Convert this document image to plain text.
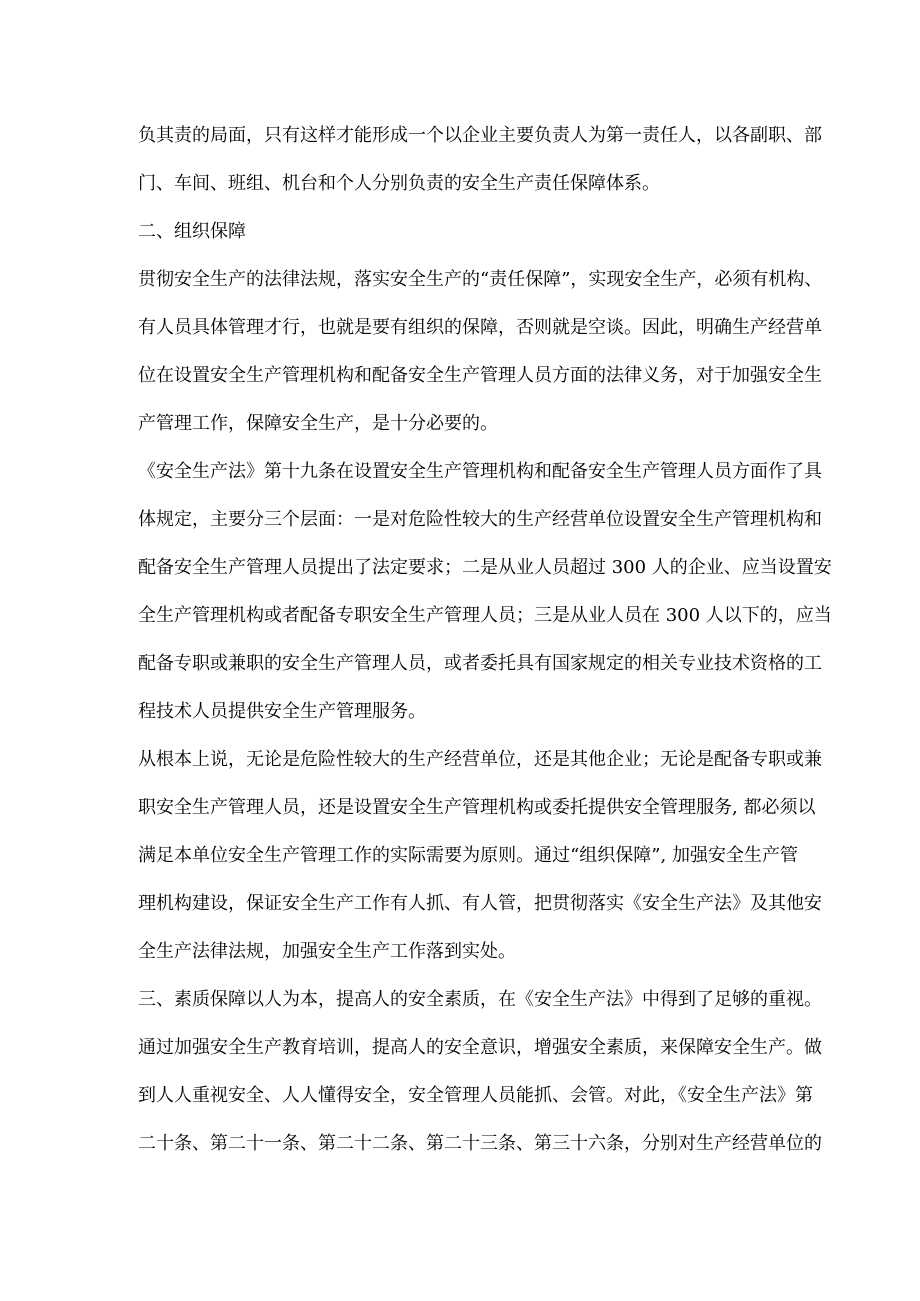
负其责的局面，只有这样才能形成一个以企业主要负责人为第一责任人，以各副职、部
门、车间、班组、机台和个人分别负责的安全生产责任保障体系。
二、组织保障
贯彻安全生产的法律法规，落实安全生产的“责任保障”，实现安全生产，必须有机构、
有人员具体管理才行，也就是要有组织的保障，否则就是空谈。因此，明确生产经营单
位在设置安全生产管理机构和配备安全生产管理人员方面的法律义务，对于加强安全生
产管理工作，保障安全生产，是十分必要的。
《安全生产法》第十九条在设置安全生产管理机构和配备安全生产管理人员方面作了具
体规定，主要分三个层面：一是对危险性较大的生产经营单位设置安全生产管理机构和
配备安全生产管理人员提出了法定要求；二是从业人员超过 300 人的企业、应当设置安
全生产管理机构或者配备专职安全生产管理人员；三是从业人员在 300 人以下的，应当
配备专职或兼职的安全生产管理人员，或者委托具有国家规定的相关专业技术资格的工
程技术人员提供安全生产管理服务。
从根本上说，无论是危险性较大的生产经营单位，还是其他企业；无论是配备专职或兼
职安全生产管理人员，还是设置安全生产管理机构或委托提供安全管理服务, 都必须以
满足本单位安全生产管理工作的实际需要为原则。通过“组织保障”, 加强安全生产管
理机构建设，保证安全生产工作有人抓、有人管，把贯彻落实《安全生产法》及其他安
全生产法律法规，加强安全生产工作落到实处。
三、素质保障以人为本，提高人的安全素质，在《安全生产法》中得到了足够的重视。
通过加强安全生产教育培训，提高人的安全意识，增强安全素质，来保障安全生产。做
到人人重视安全、人人懂得安全，安全管理人员能抓、会管。对此，《安全生产法》第
二十条、第二十一条、第二十二条、第二十三条、第三十六条，分别对生产经营单位的
